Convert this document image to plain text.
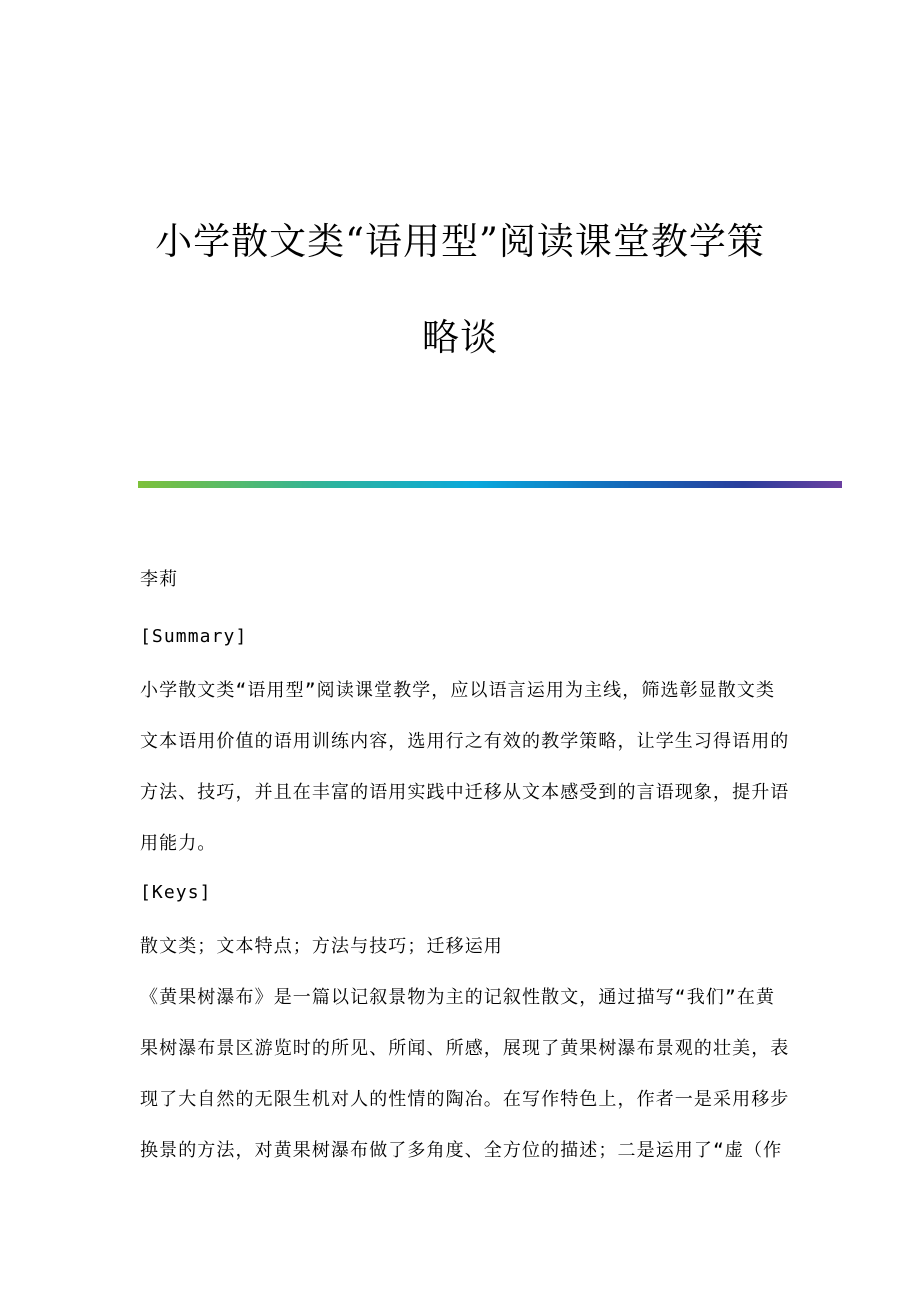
小学散文类“语用型”阅读课堂教学策
略谈
李莉
[Summary]
小学散文类“语用型”阅读课堂教学，应以语言运用为主线，筛选彰显散文类
文本语用价值的语用训练内容，选用行之有效的教学策略，让学生习得语用的
方法、技巧，并且在丰富的语用实践中迁移从文本感受到的言语现象，提升语
用能力。
[Keys]
散文类；文本特点；方法与技巧；迁移运用
《黄果树瀑布》是一篇以记叙景物为主的记叙性散文，通过描写“我们”在黄
果树瀑布景区游览时的所见、所闻、所感，展现了黄果树瀑布景观的壮美，表
现了大自然的无限生机对人的性情的陶冶。在写作特色上，作者一是采用移步
换景的方法，对黄果树瀑布做了多角度、全方位的描述；二是运用了“虚（作
